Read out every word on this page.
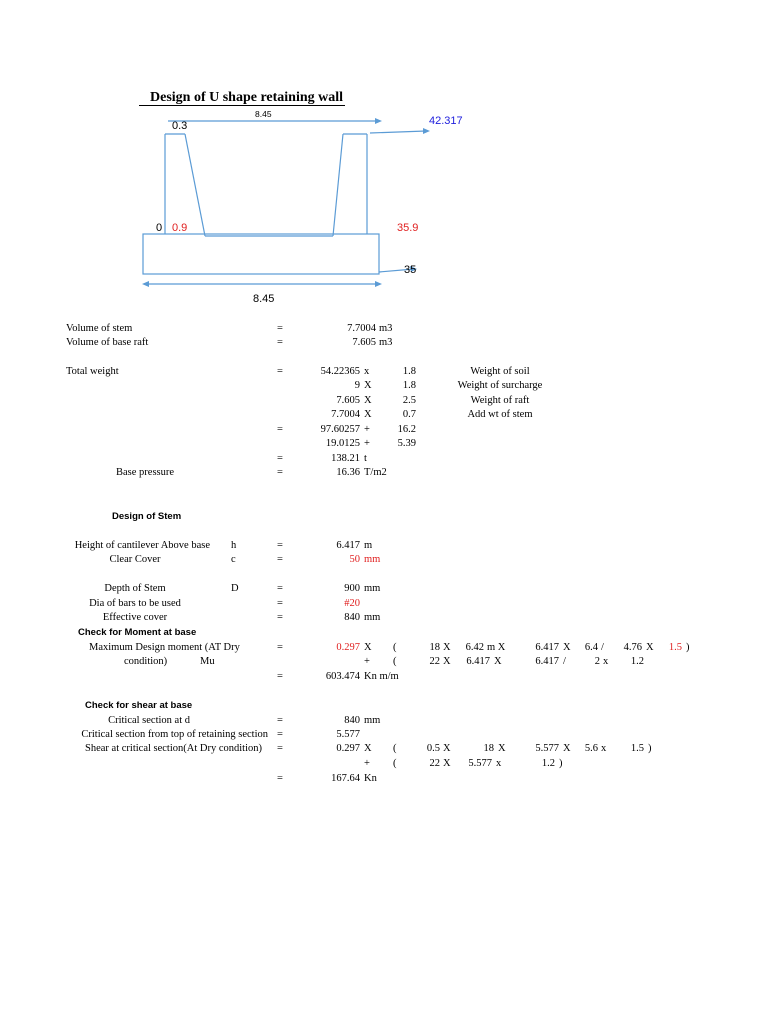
Design of U shape retaining wall
8.45
0.3	42.317
0 0.9	35.9
35
8.45
Volume of stem	=	7.7004 m3
Volume of base raft	=	7.605 m3
Total weight	=	54.22365 x	1.8	Weight of soil
9 X	1.8	Weight of surcharge
7.605 X	2.5	Weight of raft
7.7004 X	0.7	Add wt of stem
=	97.60257 +	16.2
19.0125 +	5.39
=	138.21 t
Base pressure	=	16.36 T/m2
Design of Stem
Height of cantilever Above base h	=	6.417 m
Clear Cover	c	=	50 mm
Depth of Stem	D	=	900 mm
Dia of bars to be used	=	#20
Effective cover	=	840 mm
Check for Moment at base
Maximum Design moment (AT Dry
condition)	Mu
=	0.297 X (	18 X	6.42 m X	6.417 X	6.4 /	4.76 X	1.5 )
+ (	22 X	6.417 X	6.417 /	2 x	1.2
=	603.474 Kn m/m
Check for shear at base
Critical section at d	=	840 mm
Critical section from top of retaining section =	5.577
Shear at critical section(At Dry condition) =	0.297 X (	0.5 X	18 X	5.577 X	5.6 x	1.5 )
+ (	22 X	5.577 x	1.2 )
=	167.64 Kn
